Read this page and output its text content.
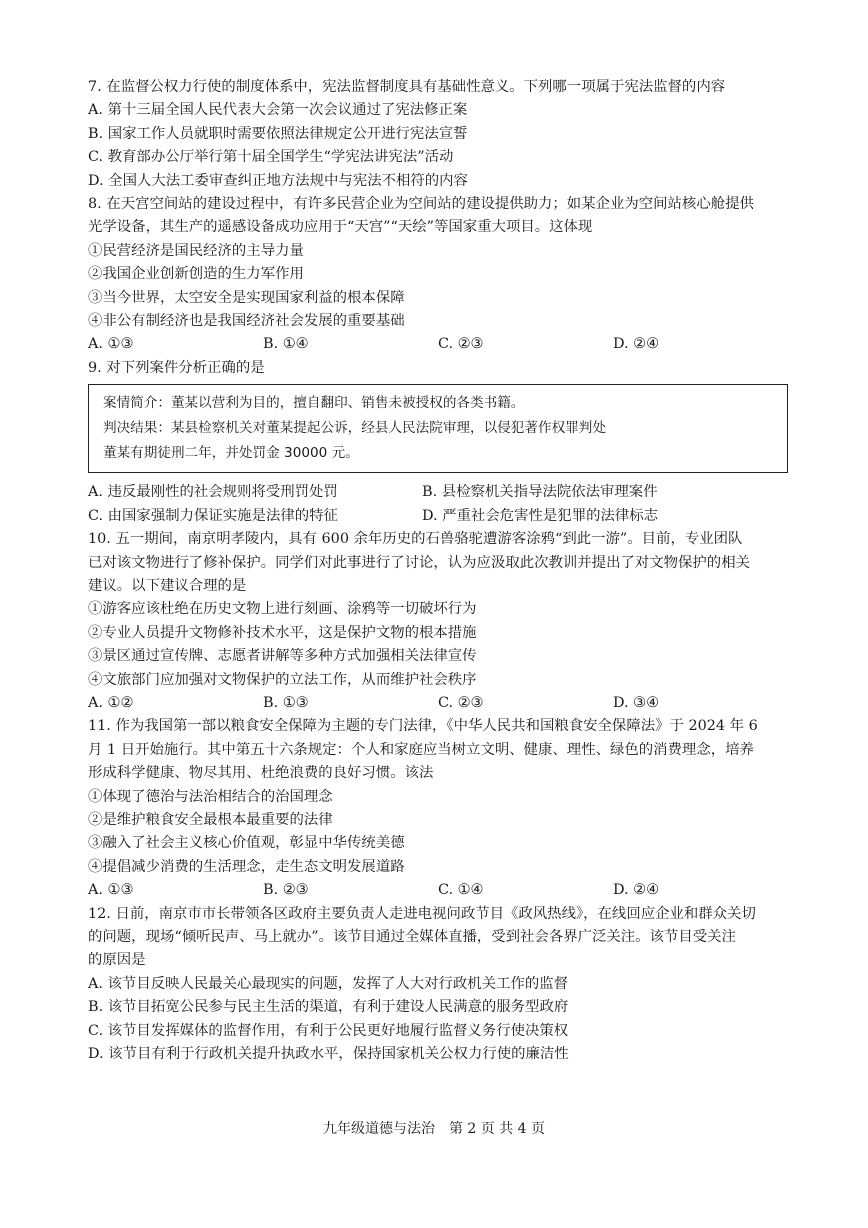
7. 在监督公权力行使的制度体系中，宪法监督制度具有基础性意义。下列哪一项属于宪法监督的内容
A. 第十三届全国人民代表大会第一次会议通过了宪法修正案
B. 国家工作人员就职时需要依照法律规定公开进行宪法宣誓
C. 教育部办公厅举行第十届全国学生“学宪法讲宪法”活动
D. 全国人大法工委审查纠正地方法规中与宪法不相符的内容
8. 在天宫空间站的建设过程中，有许多民营企业为空间站的建设提供助力；如某企业为空间站核心舱提供
光学设备，其生产的遥感设备成功应用于“天宫”“天绘”等国家重大项目。这体现
①民营经济是国民经济的主导力量
②我国企业创新创造的生力军作用
③当今世界，太空安全是实现国家利益的根本保障
④非公有制经济也是我国经济社会发展的重要基础
A. ①③	B. ①④	C. ②③	D. ②④
9. 对下列案件分析正确的是
案情简介：董某以营利为目的，擅自翻印、销售未被授权的各类书籍。
判决结果：某县检察机关对董某提起公诉，经县人民法院审理，以侵犯著作权罪判处
董某有期徒刑二年，并处罚金 30000 元。
A. 违反最刚性的社会规则将受刑罚处罚	B. 县检察机关指导法院依法审理案件
C. 由国家强制力保证实施是法律的特征	D. 严重社会危害性是犯罪的法律标志
10. 五一期间，南京明孝陵内，具有 600 余年历史的石兽骆驼遭游客涂鸦“到此一游”。目前，专业团队
已对该文物进行了修补保护。同学们对此事进行了讨论，认为应汲取此次教训并提出了对文物保护的相关
建议。以下建议合理的是
①游客应该杜绝在历史文物上进行刻画、涂鸦等一切破坏行为
②专业人员提升文物修补技术水平，这是保护文物的根本措施
③景区通过宣传牌、志愿者讲解等多种方式加强相关法律宣传
④文旅部门应加强对文物保护的立法工作，从而维护社会秩序
A. ①②	B. ①③	C. ②③	D. ③④
11. 作为我国第一部以粮食安全保障为主题的专门法律，《中华人民共和国粮食安全保障法》于 2024 年 6
月 1 日开始施行。其中第五十六条规定：个人和家庭应当树立文明、健康、理性、绿色的消费理念，培养
形成科学健康、物尽其用、杜绝浪费的良好习惯。该法
①体现了德治与法治相结合的治国理念
②是维护粮食安全最根本最重要的法律
③融入了社会主义核心价值观，彰显中华传统美德
④提倡减少消费的生活理念，走生态文明发展道路
A. ①③	B. ②③	C. ①④	D. ②④
12. 日前，南京市市长带领各区政府主要负责人走进电视问政节目《政风热线》，在线回应企业和群众关切
的问题，现场“倾听民声、马上就办”。该节目通过全媒体直播，受到社会各界广泛关注。该节目受关注
的原因是
A. 该节目反映人民最关心最现实的问题，发挥了人大对行政机关工作的监督
B. 该节目拓宽公民参与民主生活的渠道，有利于建设人民满意的服务型政府
C. 该节目发挥媒体的监督作用，有利于公民更好地履行监督义务行使决策权
D. 该节目有利于行政机关提升执政水平，保持国家机关公权力行使的廉洁性
九年级道德与法治　第 2 页 共 4 页
